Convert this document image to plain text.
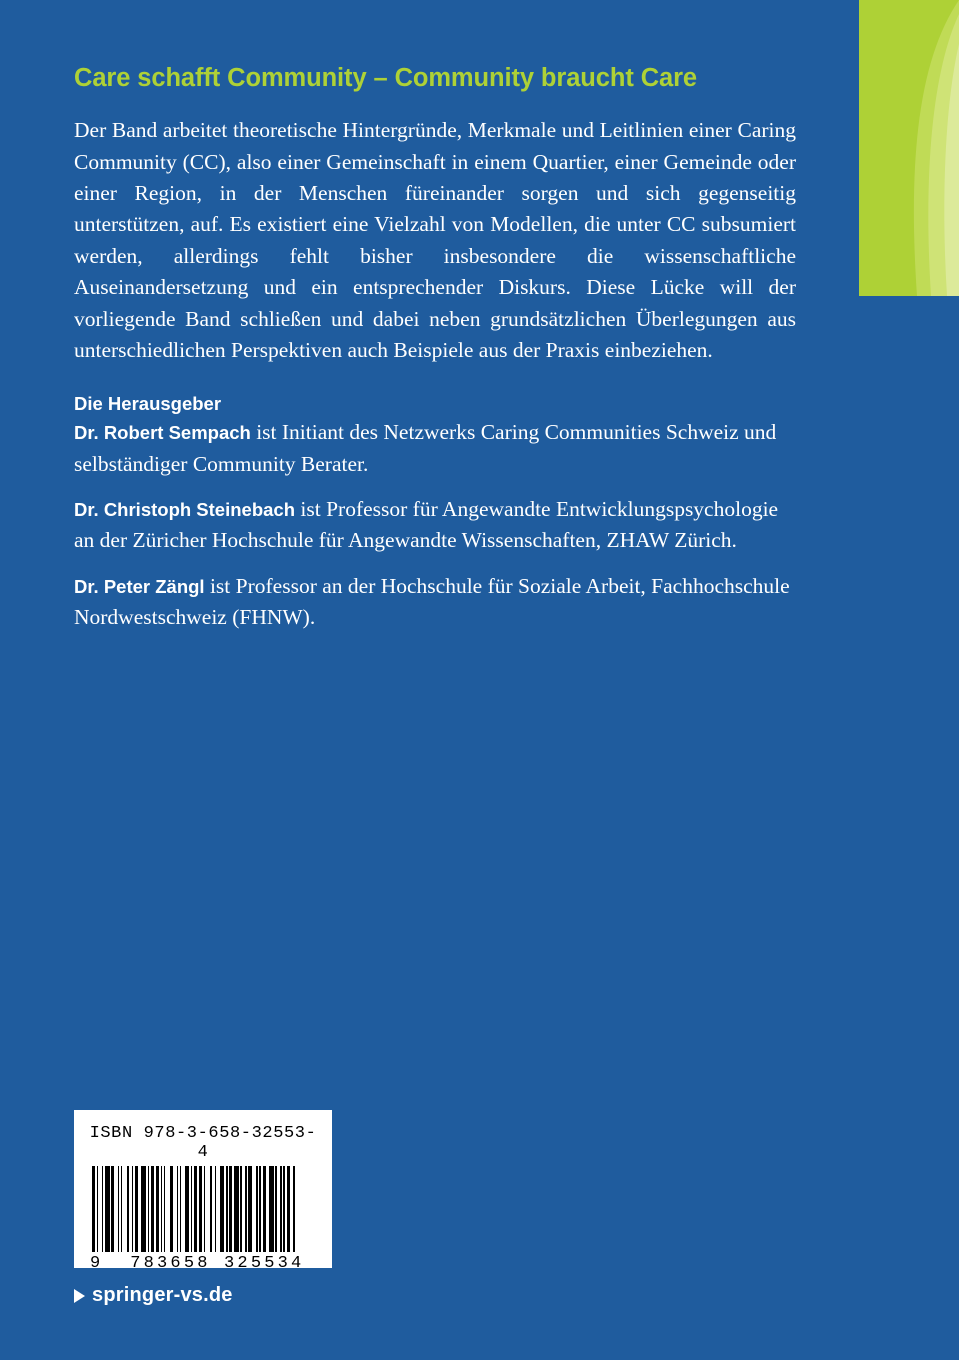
Care schafft Community – Community braucht Care

Der Band arbeitet theoretische Hintergründe, Merkmale und Leitlinien einer Caring Community (CC), also einer Gemeinschaft in einem Quartier, einer Gemeinde oder einer Region, in der Menschen füreinander sorgen und sich gegenseitig unterstützen, auf. Es existiert eine Vielzahl von Modellen, die unter CC subsumiert werden, allerdings fehlt bisher insbesondere die wissenschaftliche Auseinandersetzung und ein entsprechender Diskurs. Diese Lücke will der vorliegende Band schließen und dabei neben grundsätzlichen Überlegungen aus unterschiedlichen Perspektiven auch Beispiele aus der Praxis einbeziehen.

Die Herausgeber

Dr. Robert Sempach ist Initiant des Netzwerks Caring Communities Schweiz und selbständiger Community Berater.

Dr. Christoph Steinebach ist Professor für Angewandte Entwicklungspsychologie an der Züricher Hochschule für Angewandte Wissenschaften, ZHAW Zürich.

Dr. Peter Zängl ist Professor an der Hochschule für Soziale Arbeit, Fachhochschule Nordwestschweiz (FHNW).

ISBN 978-3-658-32553-4
9 783658 325534
springer-vs.de
